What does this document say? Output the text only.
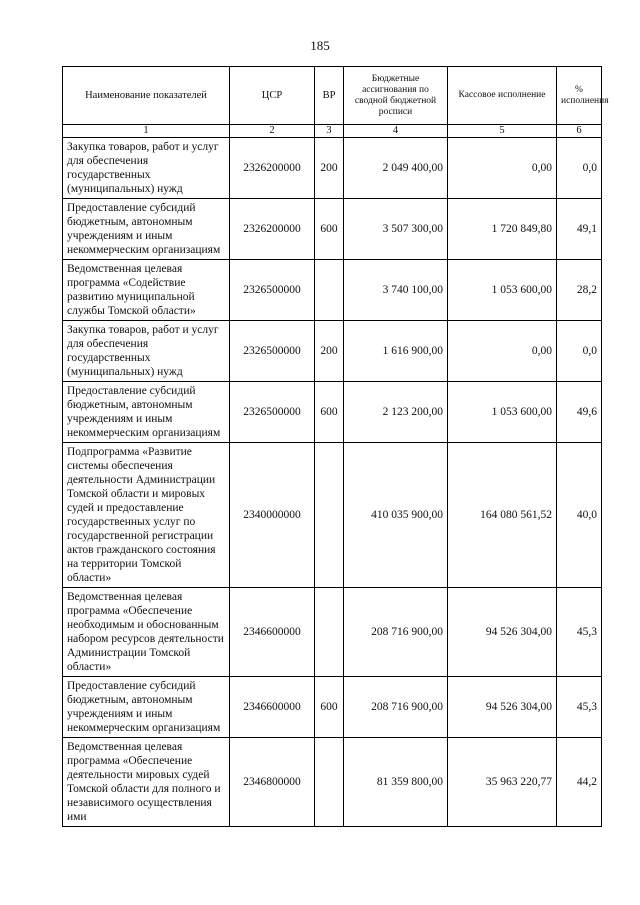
185
Наименование показателей	ЦСР	ВР	Бюджетные ассигнования по сводной бюджетной росписи	Кассовое исполнение	% исполнения
1	2	3	4	5	6
Закупка товаров, работ и услуг для обеспечения государственных (муниципальных) нужд	2326200000	200	2 049 400,00	0,00	0,0
Предоставление субсидий бюджетным, автономным учреждениям и иным некоммерческим организациям	2326200000	600	3 507 300,00	1 720 849,80	49,1
Ведомственная целевая программа «Содействие развитию муниципальной службы Томской области»	2326500000		3 740 100,00	1 053 600,00	28,2
Закупка товаров, работ и услуг для обеспечения государственных (муниципальных) нужд	2326500000	200	1 616 900,00	0,00	0,0
Предоставление субсидий бюджетным, автономным учреждениям и иным некоммерческим организациям	2326500000	600	2 123 200,00	1 053 600,00	49,6
Подпрограмма «Развитие системы обеспечения деятельности Администрации Томской области и мировых судей и предоставление государственных услуг по государственной регистрации актов гражданского состояния на территории Томской области»	2340000000		410 035 900,00	164 080 561,52	40,0
Ведомственная целевая программа «Обеспечение необходимым и обоснованным набором ресурсов деятельности Администрации Томской области»	2346600000		208 716 900,00	94 526 304,00	45,3
Предоставление субсидий бюджетным, автономным учреждениям и иным некоммерческим организациям	2346600000	600	208 716 900,00	94 526 304,00	45,3
Ведомственная целевая программа «Обеспечение деятельности мировых судей Томской области для полного и независимого осуществления ими	2346800000		81 359 800,00	35 963 220,77	44,2
